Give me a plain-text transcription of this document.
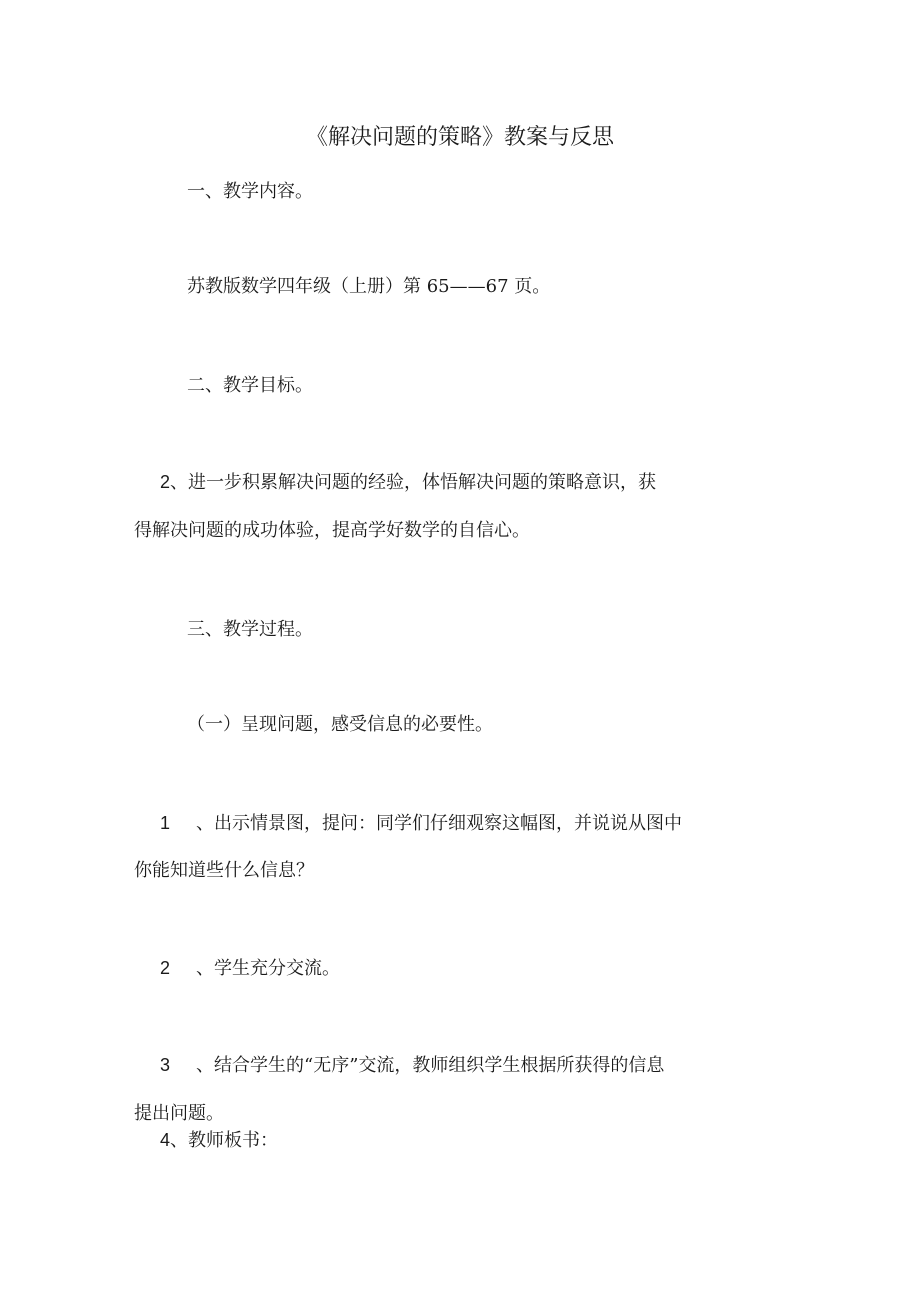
《解决问题的策略》教案与反思

一、教学内容。

苏教版数学四年级（上册）第 65——67 页。

二、教学目标。

2、进一步积累解决问题的经验，体悟解决问题的策略意识，获

得解决问题的成功体验，提高学好数学的自信心。

三、教学过程。

（一）呈现问题，感受信息的必要性。

1 、出示情景图，提问：同学们仔细观察这幅图，并说说从图中

你能知道些什么信息？

2 、学生充分交流。

3 、结合学生的“无序”交流，教师组织学生根据所获得的信息

提出问题。

4、教师板书：
